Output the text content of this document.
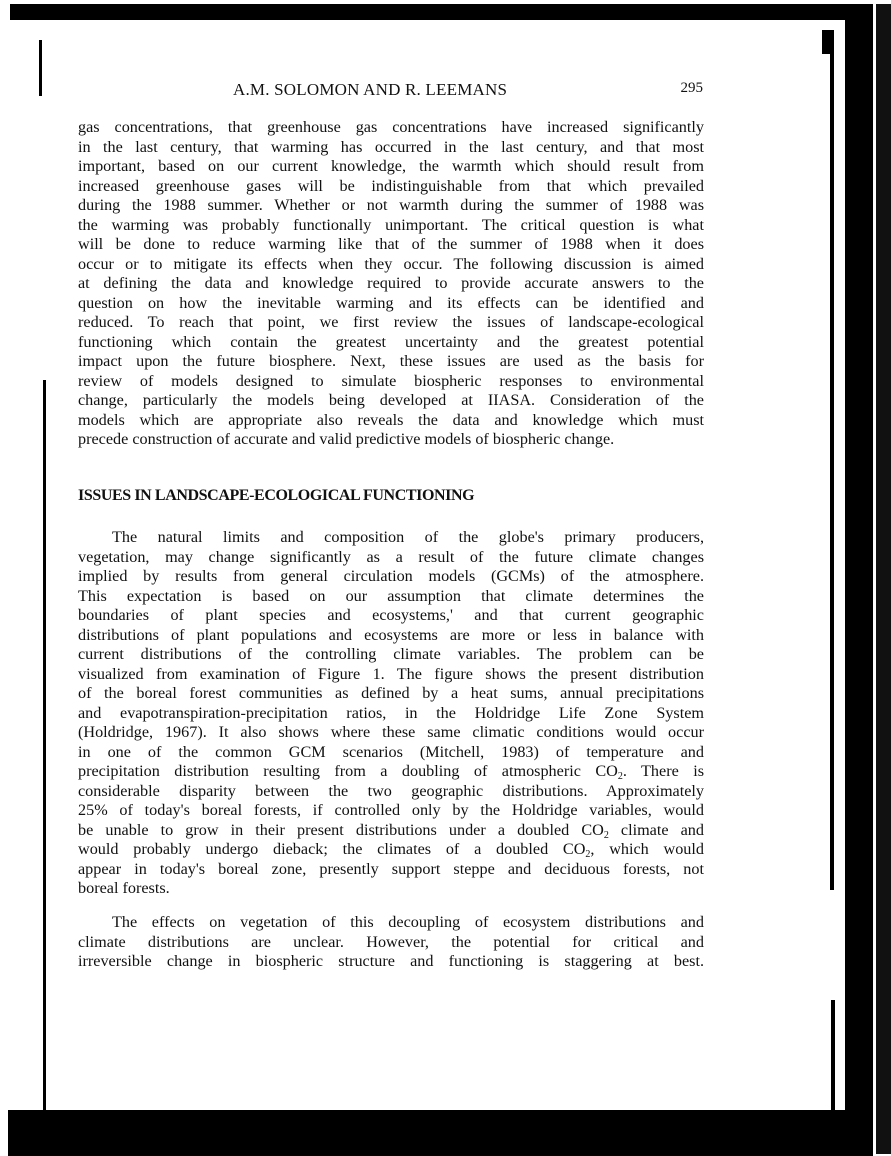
A.M. SOLOMON AND R. LEEMANS	295
gas concentrations, that greenhouse gas concentrations have increased significantly
in the last century, that warming has occurred in the last century, and that most
important, based on our current knowledge, the warmth which should result from
increased greenhouse gases will be indistinguishable from that which prevailed
during the 1988 summer. Whether or not warmth during the summer of 1988 was
the warming was probably functionally unimportant. The critical question is what
will be done to reduce warming like that of the summer of 1988 when it does
occur or to mitigate its effects when they occur. The following discussion is aimed
at defining the data and knowledge required to provide accurate answers to the
question on how the inevitable warming and its effects can be identified and
reduced. To reach that point, we first review the issues of landscape-ecological
functioning which contain the greatest uncertainty and the greatest potential
impact upon the future biosphere. Next, these issues are used as the basis for
review of models designed to simulate biospheric responses to environmental
change, particularly the models being developed at IIASA. Consideration of the
models which are appropriate also reveals the data and knowledge which must
precede construction of accurate and valid predictive models of biospheric change.
ISSUES IN LANDSCAPE-ECOLOGICAL FUNCTIONING
The natural limits and composition of the globe's primary producers,
vegetation, may change significantly as a result of the future climate changes
implied by results from general circulation models (GCMs) of the atmosphere.
This expectation is based on our assumption that climate determines the
boundaries of plant species and ecosystems,' and that current geographic
distributions of plant populations and ecosystems are more or less in balance with
current distributions of the controlling climate variables. The problem can be
visualized from examination of Figure 1. The figure shows the present distribution
of the boreal forest communities as defined by a heat sums, annual precipitations
and evapotranspiration-precipitation ratios, in the Holdridge Life Zone System
(Holdridge, 1967). It also shows where these same climatic conditions would occur
in one of the common GCM scenarios (Mitchell, 1983) of temperature and
precipitation distribution resulting from a doubling of atmospheric $CO_2$. There is
considerable disparity between the two geographic distributions. Approximately
25% of today's boreal forests, if controlled only by the Holdridge variables, would
be unable to grow in their present distributions under a doubled $CO_2$ climate and
would probably undergo dieback; the climates of a doubled $CO_2$, which would
appear in today's boreal zone, presently support steppe and deciduous forests, not
boreal forests.
The effects on vegetation of this decoupling of ecosystem distributions and
climate distributions are unclear. However, the potential for critical and
irreversible change in biospheric structure and functioning is staggering at best.
